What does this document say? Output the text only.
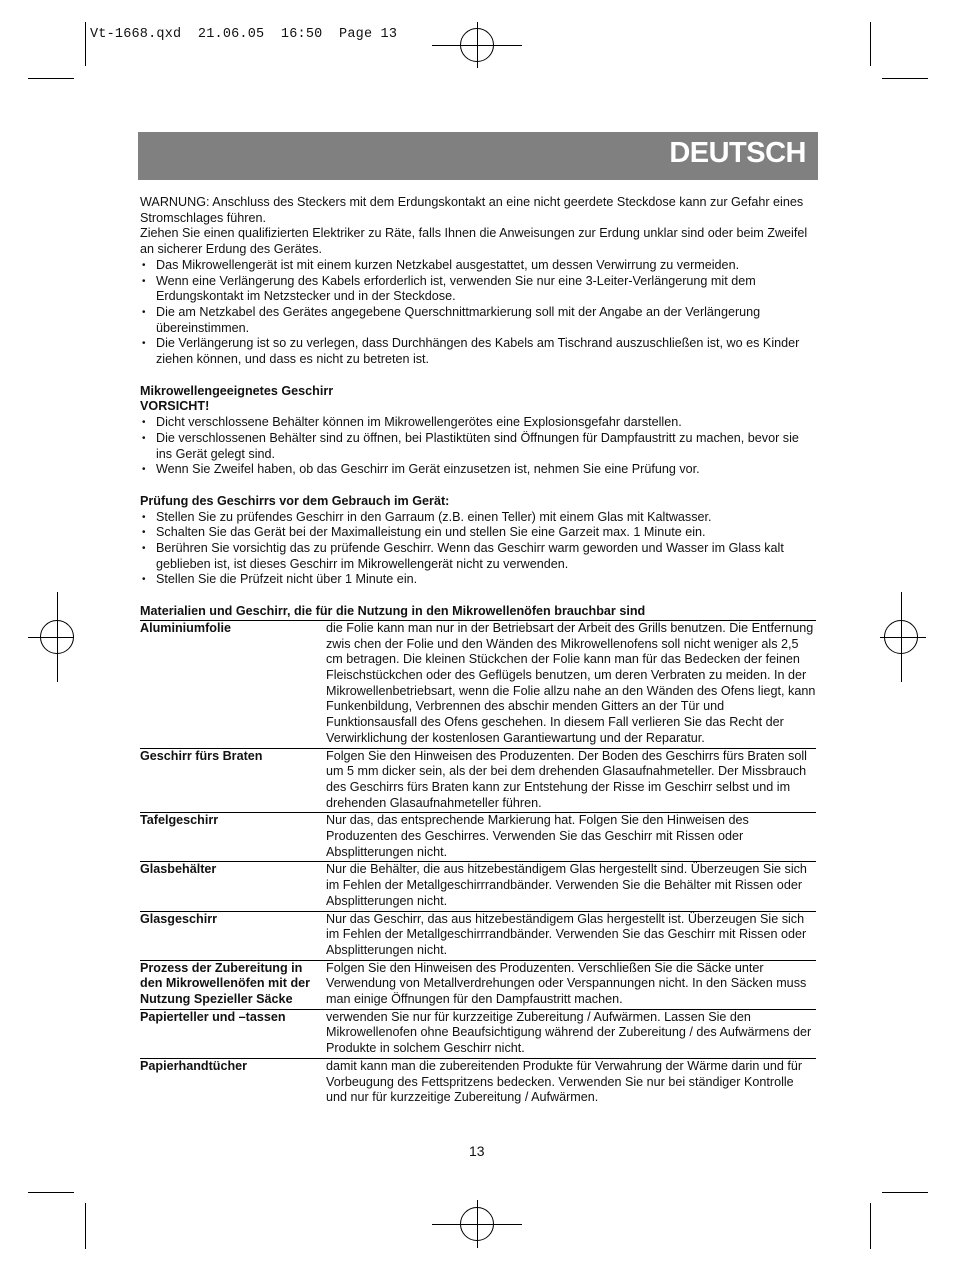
Vt-1668.qxd  21.06.05  16:50  Page 13
DEUTSCH

WARNUNG: Anschluss des Steckers mit dem Erdungskontakt an eine nicht geerdete Steckdose kann zur Gefahr eines Stromschlages führen.

Ziehen Sie einen qualifizierten Elektriker zu Räte, falls Ihnen die Anweisungen zur Erdung unklar sind oder beim Zweifel an sicherer Erdung des Gerätes.

• Das Mikrowellengerät ist mit einem kurzen Netzkabel ausgestattet, um dessen Verwirrung zu vermeiden.
• Wenn eine Verlängerung des Kabels erforderlich ist, verwenden Sie nur eine 3-Leiter-Verlängerung mit dem Erdungskontakt im Netzstecker und in der Steckdose.
• Die am Netzkabel des Gerätes angegebene Querschnittmarkierung soll mit der Angabe an der Verlängerung übereinstimmen.
• Die Verlängerung ist so zu verlegen, dass Durchhängen des Kabels am Tischrand auszuschließen ist, wo es Kinder ziehen können, und dass es nicht zu betreten ist.

Mikrowellengeeignetes Geschirr

VORSICHT!

• Dicht verschlossene Behälter können im Mikrowellengerötes eine Explosionsgefahr darstellen.
• Die verschlossenen Behälter sind zu öffnen, bei Plastiktüten sind Öffnungen für Dampfaustritt zu machen, bevor sie ins Gerät gelegt sind.
• Wenn Sie Zweifel haben, ob das Geschirr im Gerät einzusetzen ist, nehmen Sie eine Prüfung vor.

Prüfung des Geschirrs vor dem Gebrauch im Gerät:

• Stellen Sie zu prüfendes Geschirr in den Garraum (z.B. einen Teller) mit einem Glas mit Kaltwasser.
• Schalten Sie das Gerät bei der Maximalleistung ein und stellen Sie eine Garzeit max. 1 Minute ein.
• Berühren Sie vorsichtig das zu prüfende Geschirr. Wenn das Geschirr warm geworden und Wasser im Glass kalt geblieben ist, ist dieses Geschirr im Mikrowellengerät nicht zu verwenden.
• Stellen Sie die Prüfzeit nicht über 1 Minute ein.

Materialien und Geschirr, die für die Nutzung in den Mikrowellenöfen brauchbar sind

Aluminiumfolie	die Folie kann man nur in der Betriebsart der Arbeit des Grills benutzen. Die Entfernung zwis chen der Folie und den Wänden des Mikrowellenofens soll nicht weniger als 2,5 cm betragen. Die kleinen Stückchen der Folie kann man für das Bedecken der feinen Fleischstückchen oder des Geflügels benutzen, um deren Verbraten zu meiden. In der Mikrowellenbetriebsart, wenn die Folie allzu nahe an den Wänden des Ofens liegt, kann Funkenbildung, Verbrennen des abschir menden Gitters an der Tür und Funktionsausfall des Ofens geschehen. In diesem Fall verlieren Sie das Recht der Verwirklichung der kostenlosen Garantiewartung und der Reparatur.
Geschirr fürs Braten	Folgen Sie den Hinweisen des Produzenten. Der Boden des Geschirrs fürs Braten soll um 5 mm dicker sein, als der bei dem drehenden Glasaufnahmeteller. Der Missbrauch des Geschirrs fürs Braten kann zur Entstehung der Risse im Geschirr selbst und im drehenden Glasaufnahmeteller führen.
Tafelgeschirr	Nur das, das entsprechende Markierung hat. Folgen Sie den Hinweisen des Produzenten des Geschirres. Verwenden Sie das Geschirr mit Rissen oder Absplitterungen nicht.
Glasbehälter	Nur die Behälter, die aus hitzebeständigem Glas hergestellt sind. Überzeugen Sie sich im Fehlen der Metallgeschirrrandbänder. Verwenden Sie die Behälter mit Rissen oder Absplitterungen nicht.
Glasgeschirr	Nur das Geschirr, das aus hitzebeständigem Glas hergestellt ist. Überzeugen Sie sich im Fehlen der Metallgeschirrrandbänder. Verwenden Sie das Geschirr mit Rissen oder Absplitterungen nicht.
Prozess der Zubereitung in den Mikrowellenöfen mit der Nutzung Spezieller Säcke	Folgen Sie den Hinweisen des Produzenten. Verschließen Sie die Säcke unter Verwendung von Metallverdrehungen oder Verspannungen nicht. In den Säcken muss man einige Öffnungen für den Dampfaustritt machen.
Papierteller und –tassen	verwenden Sie nur für kurzzeitige Zubereitung / Aufwärmen. Lassen Sie den Mikrowellenofen ohne Beaufsichtigung während der Zubereitung / des Aufwärmens der Produkte in solchem Geschirr nicht.
Papierhandtücher	damit kann man die zubereitenden Produkte für Verwahrung der Wärme darin und für Vorbeugung des Fettspritzens bedecken. Verwenden Sie nur bei ständiger Kontrolle und nur für kurzzeitige Zubereitung / Aufwärmen.
13
